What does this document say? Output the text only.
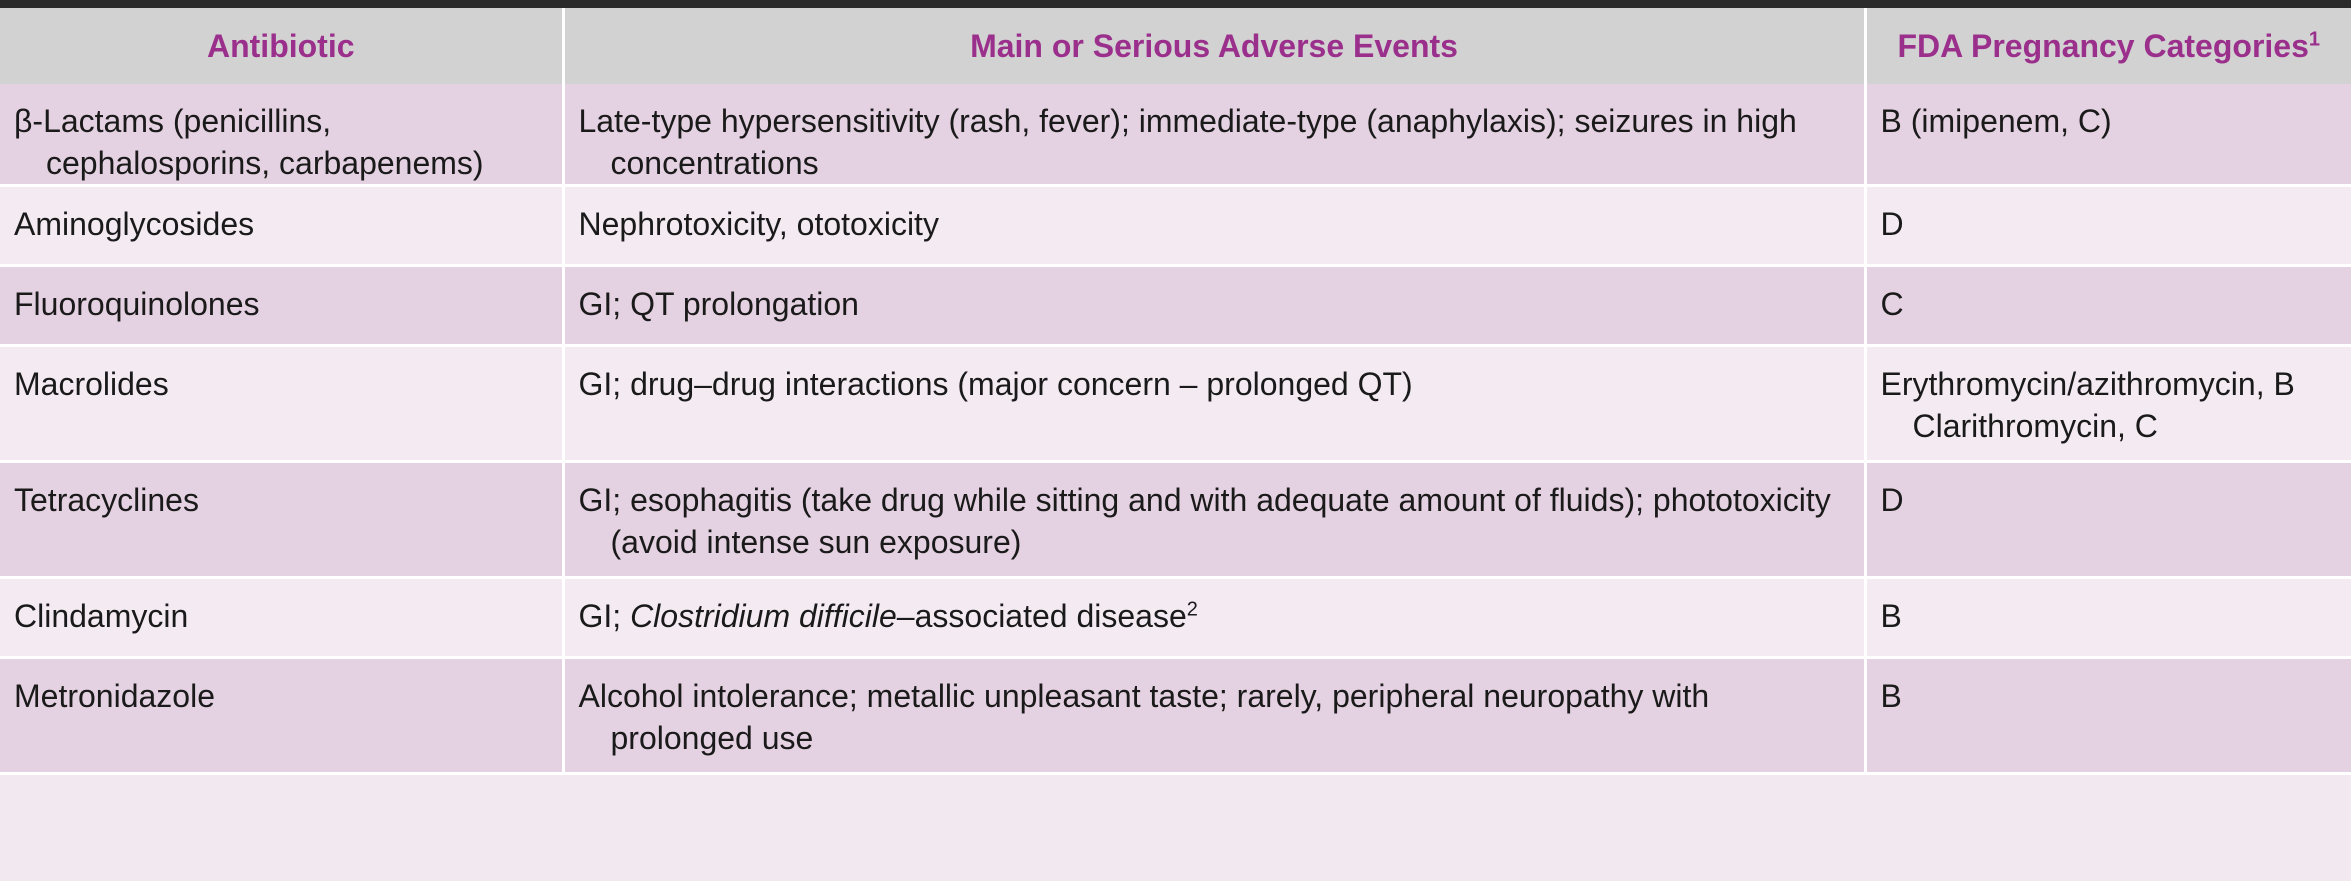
Antibiotic	Main or Serious Adverse Events	FDA Pregnancy Categories$^1$

β-Lactams (penicillins, cephalosporins, carbapenems)	Late-type hypersensitivity (rash, fever); immediate-type (anaphylaxis); seizures in high concentrations	B (imipenem, C)

Aminoglycosides	Nephrotoxicity, ototoxicity	D

Fluoroquinolones	GI; QT prolongation	C

Macrolides	GI; drug–drug interactions (major concern – prolonged QT)	Erythromycin/azithromycin, B
Clarithromycin, C

Tetracyclines	GI; esophagitis (take drug while sitting and with adequate amount of fluids); phototoxicity (avoid intense sun exposure)	D

Clindamycin	GI; Clostridium difficile–associated disease$^2$	B

Metronidazole	Alcohol intolerance; metallic unpleasant taste; rarely, peripheral neuropathy with prolonged use	B
